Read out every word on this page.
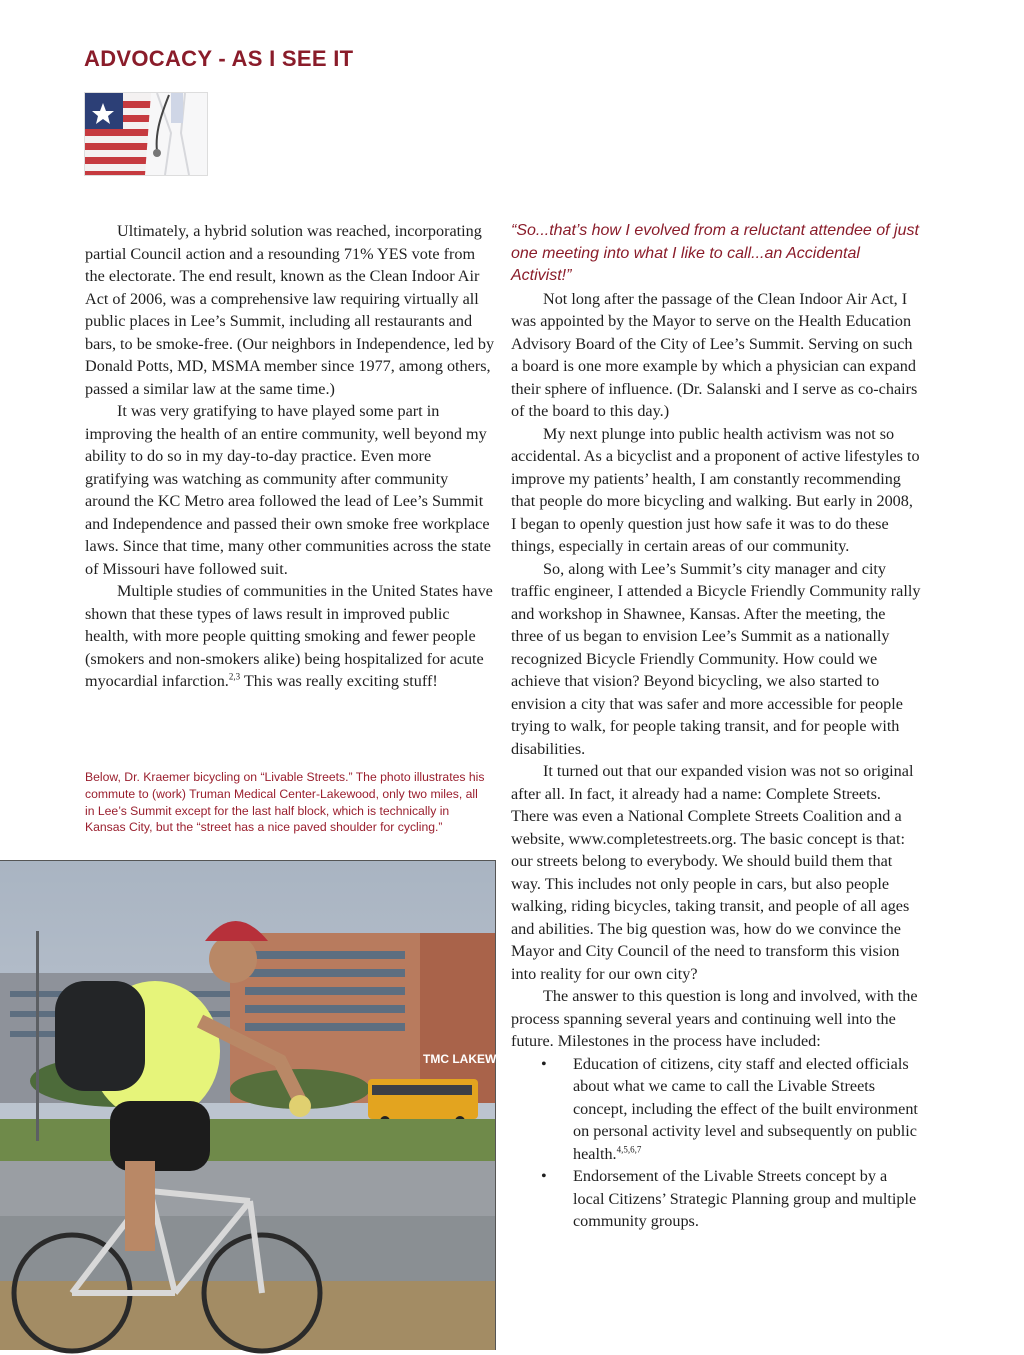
ADVOCACY - AS I SEE IT

Ultimately, a hybrid solution was reached, incorporating partial Council action and a resounding 71% YES vote from the electorate. The end result, known as the Clean Indoor Air Act of 2006, was a comprehensive law requiring virtually all public places in Lee’s Summit, including all restaurants and bars, to be smoke-free. (Our neighbors in Independence, led by Donald Potts, MD, MSMA member since 1977, among others, passed a similar law at the same time.)

It was very gratifying to have played some part in improving the health of an entire community, well beyond my ability to do so in my day-to-day practice. Even more gratifying was watching as community after community around the KC Metro area followed the lead of Lee’s Summit and Independence and passed their own smoke free workplace laws. Since that time, many other communities across the state of Missouri have followed suit.

Multiple studies of communities in the United States have shown that these types of laws result in improved public health, with more people quitting smoking and fewer people (smokers and non-smokers alike) being hospitalized for acute myocardial infarction.$^{2,3}$ This was really exciting stuff!

Below, Dr. Kraemer bicycling on “Livable Streets.” The photo illustrates his commute to (work) Truman Medical Center-Lakewood, only two miles, all in Lee’s Summit except for the last half block, which is technically in Kansas City, but the “street has a nice paved shoulder for cycling.”

TMC LAKEWOOD

“So...that’s how I evolved from a reluctant attendee of just one meeting into what I like to call...an Accidental Activist!”

Not long after the passage of the Clean Indoor Air Act, I was appointed by the Mayor to serve on the Health Education Advisory Board of the City of Lee’s Summit. Serving on such a board is one more example by which a physician can expand their sphere of influence. (Dr. Salanski and I serve as co-chairs of the board to this day.)

My next plunge into public health activism was not so accidental. As a bicyclist and a proponent of active lifestyles to improve my patients’ health, I am constantly recommending that people do more bicycling and walking. But early in 2008, I began to openly question just how safe it was to do these things, especially in certain areas of our community.

So, along with Lee’s Summit’s city manager and city traffic engineer, I attended a Bicycle Friendly Community rally and workshop in Shawnee, Kansas. After the meeting, the three of us began to envision Lee’s Summit as a nationally recognized Bicycle Friendly Community. How could we achieve that vision? Beyond bicycling, we also started to envision a city that was safer and more accessible for people trying to walk, for people taking transit, and for people with disabilities.

It turned out that our expanded vision was not so original after all. In fact, it already had a name: Complete Streets. There was even a National Complete Streets Coalition and a website, www.completestreets.org. The basic concept is that: our streets belong to everybody. We should build them that way. This includes not only people in cars, but also people walking, riding bicycles, taking transit, and people of all ages and abilities. The big question was, how do we convince the Mayor and City Council of the need to transform this vision into reality for our own city?

The answer to this question is long and involved, with the process spanning several years and continuing well into the future. Milestones in the process have included:

• Education of citizens, city staff and elected officials about what we came to call the Livable Streets concept, including the effect of the built environment on personal activity level and subsequently on public health.$^{4,5,6,7}$
• Endorsement of the Livable Streets concept by a local Citizens’ Strategic Planning group and multiple community groups.
